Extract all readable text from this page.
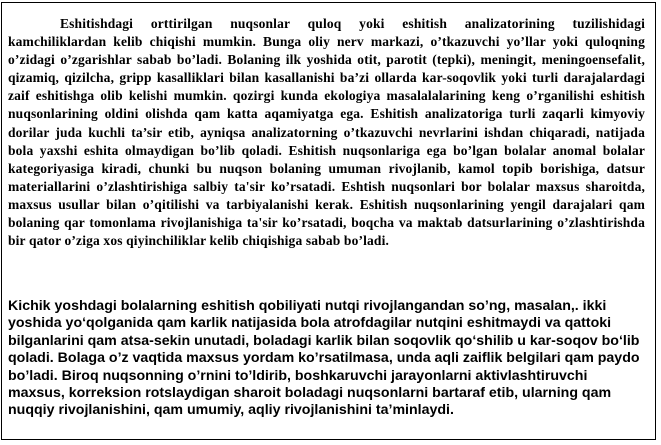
Eshitishdagi orttirilgan nuqsonlar quloq yoki eshitish analizatorining tuzilishidagi kamchiliklardan kelib chiqishi mumkin. Bunga oliy nerv markazi, o’tkazuvchi yo’llar yoki quloqning o’zidagi o’zgarishlar sabab bo’ladi. Bolaning ilk yoshida otit, parotit (tepki), meningit, meningoensefalit, qizamiq, qizilcha, gripp kasalliklari bilan kasallanishi ba’zi ollarda kar-soqovlik yoki turli darajalardagi zaif eshitishga olib kelishi mumkin. qozirgi kunda ekologiya masalalalarining keng o’rganilishi eshitish nuqsonlarining oldini olishda qam katta aqamiyatga ega. Eshitish analizatoriga turli zaqarli kimyoviy dorilar juda kuchli ta’sir etib, ayniqsa analizatorning o’tkazuvchi nevrlarini ishdan chiqaradi, natijada bola yaxshi eshita olmaydigan bo’lib qoladi. Eshitish nuqsonlariga ega bo’lgan bolalar anomal bolalar kategoriyasiga kiradi, chunki bu nuqson bolaning umuman rivojlanib, kamol topib borishiga, datsur materiallarini o’zlashtirishiga salbiy ta'sir ko’rsatadi. Eshtish nuqsonlari bor bolalar maxsus sharoitda, maxsus usullar bilan o’qitilishi va tarbiyalanishi kerak. Eshitish nuqsonlarining yengil darajalari qam bolaning qar tomonlama rivojlanishiga ta'sir ko’rsatadi, boqcha va maktab datsurlarining o’zlashtirishda bir qator o’ziga xos qiyinchiliklar kelib chiqishiga sabab bo’ladi.

Kichik yoshdagi bolalarning eshitish qobiliyati nutqi rivojlangandan so’ng, masalan,. ikki yoshida yo‘qolganida qam karlik natijasida bola atrofdagilar nutqini eshitmaydi va qattoki bilganlarini qam atsa-sekin unutadi, boladagi karlik bilan soqovlik qo‘shilib u kar-soqov bo‘lib qoladi. Bolaga o’z vaqtida maxsus yordam ko’rsatilmasa, unda aqli zaiflik belgilari qam paydo bo’ladi. Biroq nuqsonning o’rnini to’ldirib, boshkaruvchi jarayonlarni aktivlashtiruvchi maxsus, korreksion rotslaydigan sharoit boladagi nuqsonlarni bartaraf etib, ularning qam nuqqiy rivojlanishini, qam umumiy, aqliy rivojlanishini ta’minlaydi.
